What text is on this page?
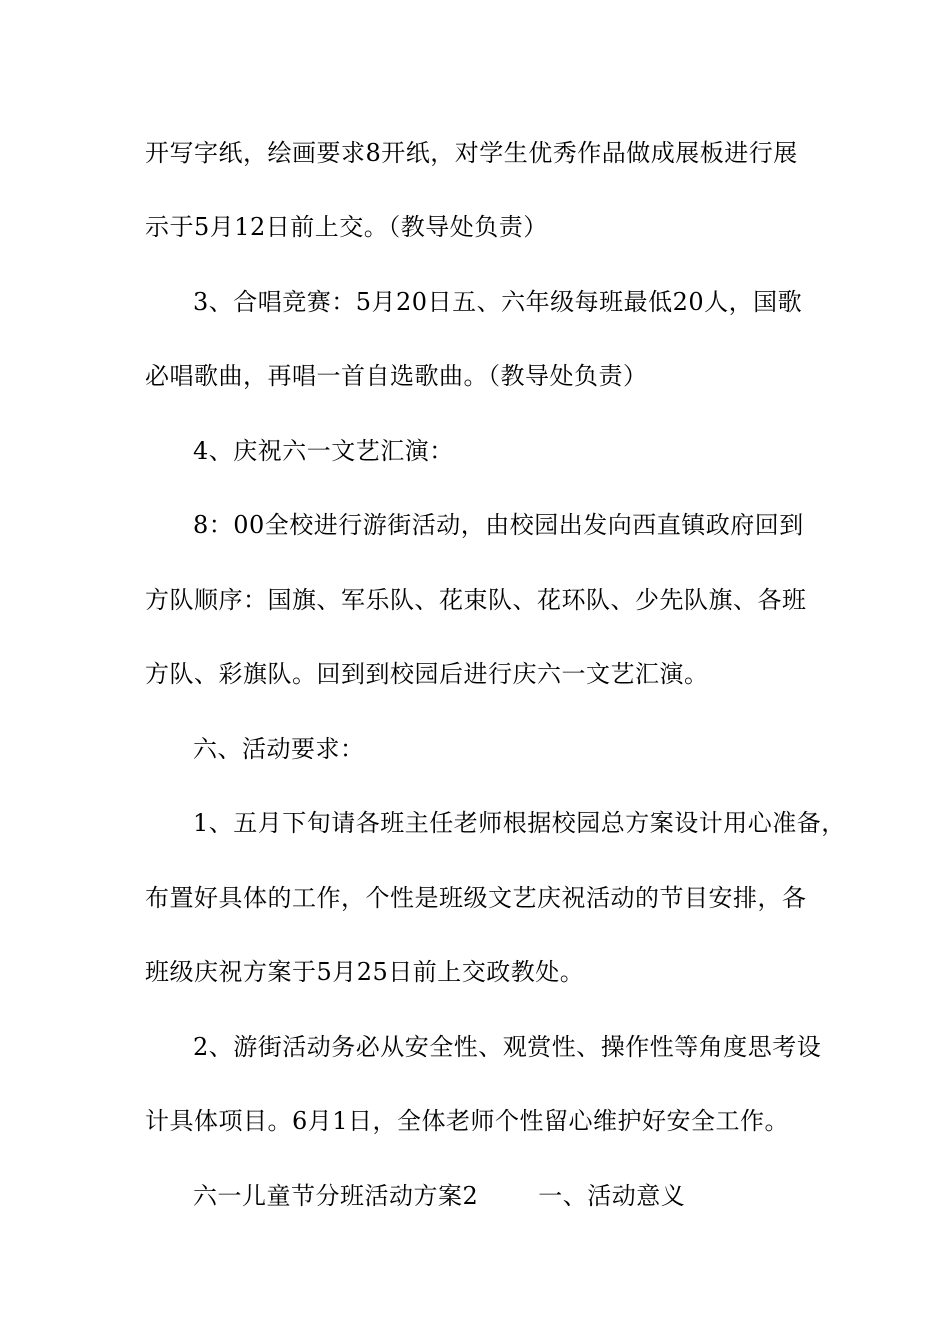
开写字纸，绘画要求8开纸，对学生优秀作品做成展板进行展
示于5月12日前上交。（教导处负责）
3、合唱竞赛：5月20日五、六年级每班最低20人，国歌
必唱歌曲，再唱一首自选歌曲。（教导处负责）
4、庆祝六一文艺汇演：
8：00全校进行游街活动，由校园出发向西直镇政府回到
方队顺序：国旗、军乐队、花束队、花环队、少先队旗、各班
方队、彩旗队。回到到校园后进行庆六一文艺汇演。
六、活动要求：
1、五月下旬请各班主任老师根据校园总方案设计用心准备，
布置好具体的工作，个性是班级文艺庆祝活动的节目安排，各
班级庆祝方案于5月25日前上交政教处。
2、游街活动务必从安全性、观赏性、操作性等角度思考设
计具体项目。6月1日，全体老师个性留心维护好安全工作。
六一儿童节分班活动方案2	一、活动意义
